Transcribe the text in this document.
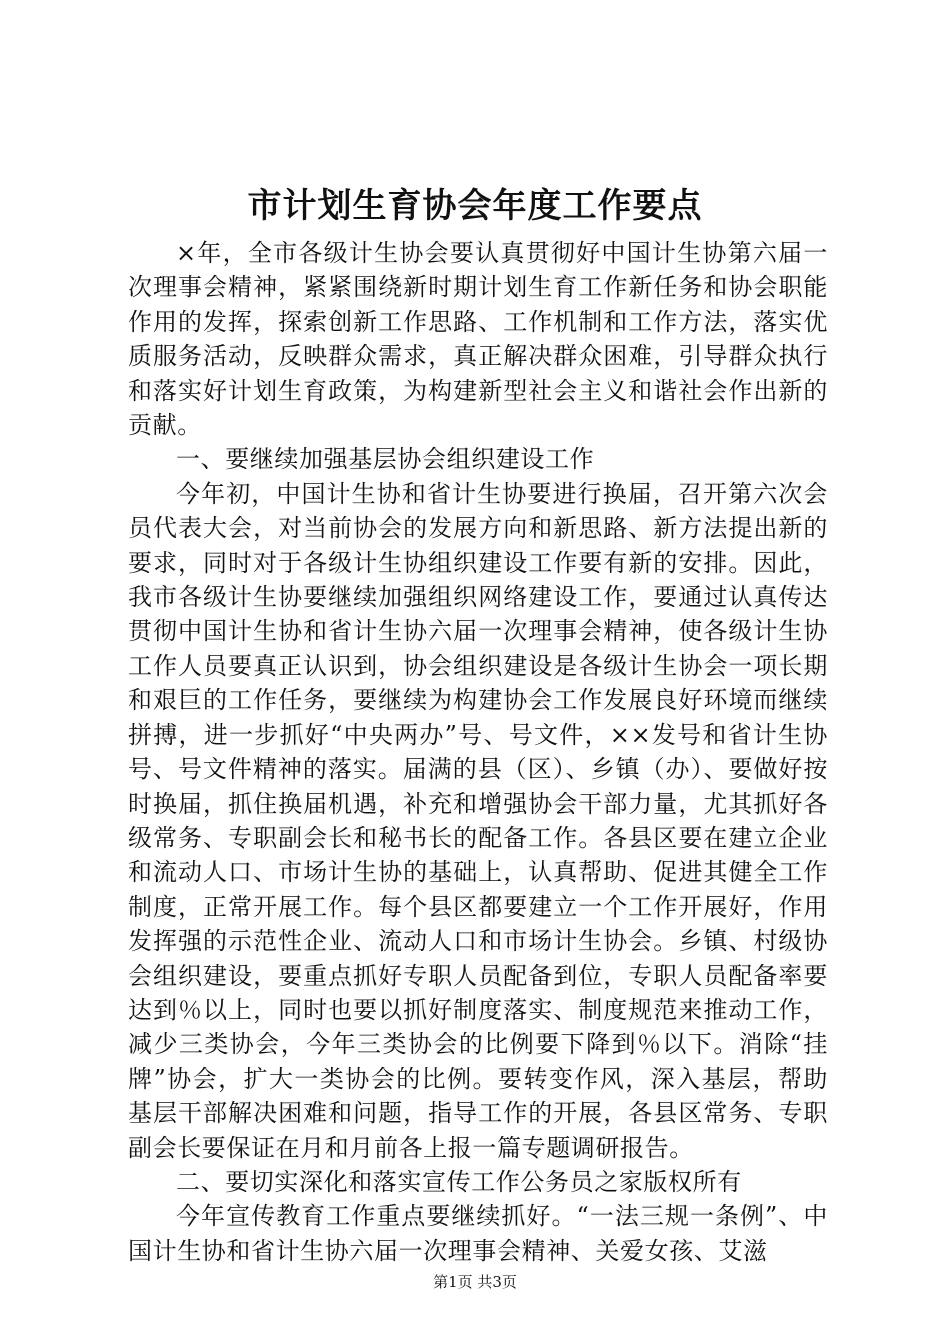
市计划生育协会年度工作要点

×年，全市各级计生协会要认真贯彻好中国计生协第六届一次理事会精神，紧紧围绕新时期计划生育工作新任务和协会职能作用的发挥，探索创新工作思路、工作机制和工作方法，落实优质服务活动，反映群众需求，真正解决群众困难，引导群众执行和落实好计划生育政策，为构建新型社会主义和谐社会作出新的贡献。

一、要继续加强基层协会组织建设工作

今年初，中国计生协和省计生协要进行换届，召开第六次会员代表大会，对当前协会的发展方向和新思路、新方法提出新的要求，同时对于各级计生协组织建设工作要有新的安排。因此，我市各级计生协要继续加强组织网络建设工作，要通过认真传达贯彻中国计生协和省计生协六届一次理事会精神，使各级计生协工作人员要真正认识到，协会组织建设是各级计生协会一项长期和艰巨的工作任务，要继续为构建协会工作发展良好环境而继续拼搏，进一步抓好“中央两办”号、号文件，××发号和省计生协号、号文件精神的落实。届满的县（区）、乡镇（办）、要做好按时换届，抓住换届机遇，补充和增强协会干部力量，尤其抓好各级常务、专职副会长和秘书长的配备工作。各县区要在建立企业和流动人口、市场计生协的基础上，认真帮助、促进其健全工作制度，正常开展工作。每个县区都要建立一个工作开展好，作用发挥强的示范性企业、流动人口和市场计生协会。乡镇、村级协会组织建设，要重点抓好专职人员配备到位，专职人员配备率要达到％以上，同时也要以抓好制度落实、制度规范来推动工作，减少三类协会，今年三类协会的比例要下降到％以下。消除“挂牌”协会，扩大一类协会的比例。要转变作风，深入基层，帮助基层干部解决困难和问题，指导工作的开展，各县区常务、专职副会长要保证在月和月前各上报一篇专题调研报告。

二、要切实深化和落实宣传工作公务员之家版权所有

今年宣传教育工作重点要继续抓好。“一法三规一条例”、中国计生协和省计生协六届一次理事会精神、关爱女孩、艾滋

第1页 共3页
